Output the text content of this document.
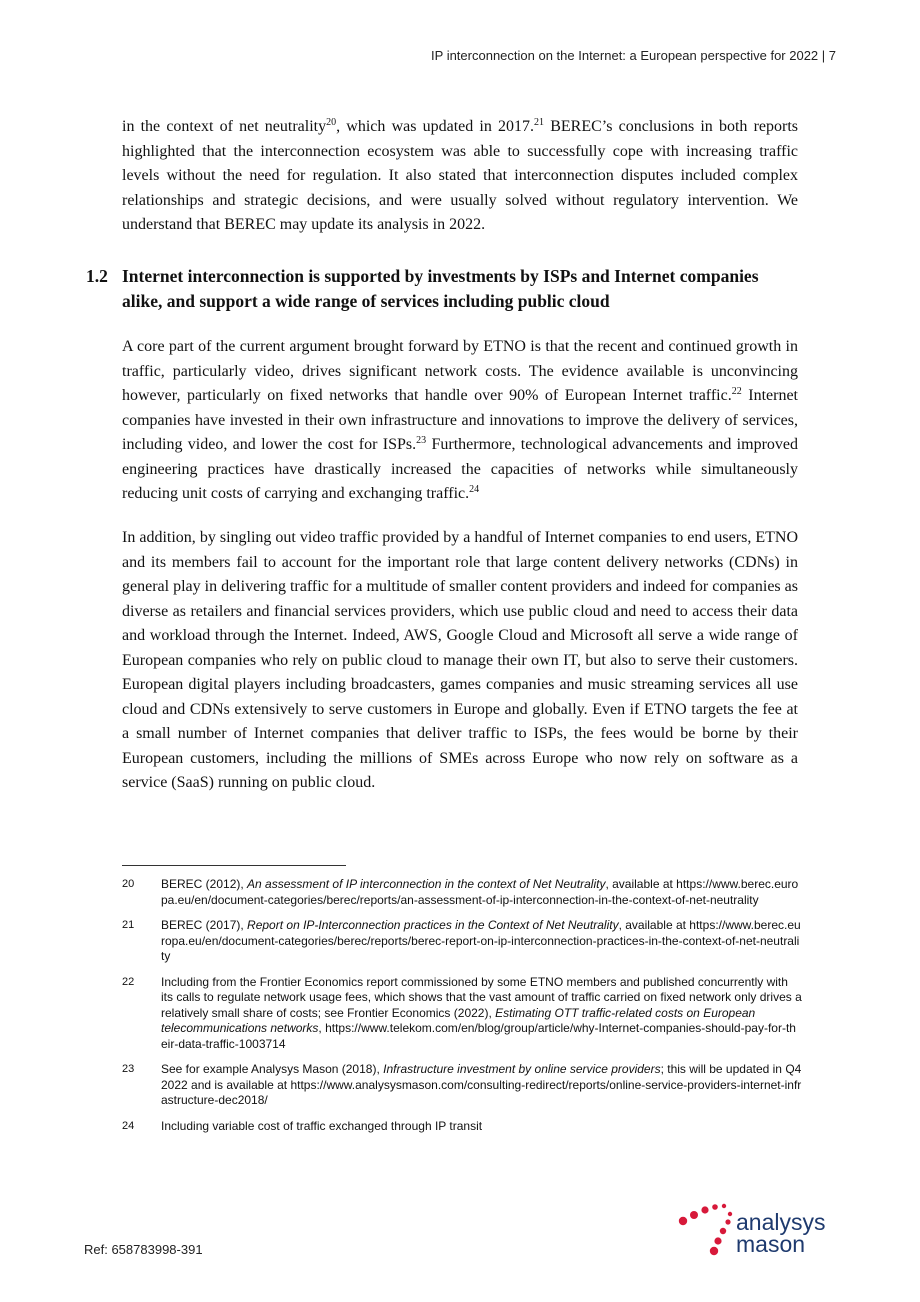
IP interconnection on the Internet: a European perspective for 2022 | 7

in the context of net neutrality$^{20}$, which was updated in 2017.21 BEREC’s conclusions in both reports highlighted that the interconnection ecosystem was able to successfully cope with increasing traffic levels without the need for regulation. It also stated that interconnection disputes included complex relationships and strategic decisions, and were usually solved without regulatory intervention. We understand that BEREC may update its analysis in 2022.

1.2 Internet interconnection is supported by investments by ISPs and Internet companies alike, and support a wide range of services including public cloud

A core part of the current argument brought forward by ETNO is that the recent and continued growth in traffic, particularly video, drives significant network costs. The evidence available is unconvincing however, particularly on fixed networks that handle over 90% of European Internet traffic.$^{22}$ Internet companies have invested in their own infrastructure and innovations to improve the delivery of services, including video, and lower the cost for ISPs.$^{23}$ Furthermore, technological advancements and improved engineering practices have drastically increased the capacities of networks while simultaneously reducing unit costs of carrying and exchanging traffic.$^{24}$

In addition, by singling out video traffic provided by a handful of Internet companies to end users, ETNO and its members fail to account for the important role that large content delivery networks (CDNs) in general play in delivering traffic for a multitude of smaller content providers and indeed for companies as diverse as retailers and financial services providers, which use public cloud and need to access their data and workload through the Internet. Indeed, AWS, Google Cloud and Microsoft all serve a wide range of European companies who rely on public cloud to manage their own IT, but also to serve their customers. European digital players including broadcasters, games companies and music streaming services all use cloud and CDNs extensively to serve customers in Europe and globally. Even if ETNO targets the fee at a small number of Internet companies that deliver traffic to ISPs, the fees would be borne by their European customers, including the millions of SMEs across Europe who now rely on software as a service (SaaS) running on public cloud.

20 BEREC (2012), An assessment of IP interconnection in the context of Net Neutrality, available at https://www.berec.europa.eu/en/document-categories/berec/reports/an-assessment-of-ip-interconnection-in-the-context-of-net-neutrality
21 BEREC (2017), Report on IP-Interconnection practices in the Context of Net Neutrality, available at https://www.berec.europa.eu/en/document-categories/berec/reports/berec-report-on-ip-interconnection-practices-in-the-context-of-net-neutrality
22 Including from the Frontier Economics report commissioned by some ETNO members and published concurrently with its calls to regulate network usage fees, which shows that the vast amount of traffic carried on fixed network only drives a relatively small share of costs; see Frontier Economics (2022), Estimating OTT traffic-related costs on European telecommunications networks, https://www.telekom.com/en/blog/group/article/why-Internet-companies-should-pay-for-their-data-traffic-1003714
23 See for example Analysys Mason (2018), Infrastructure investment by online service providers; this will be updated in Q4 2022 and is available at https://www.analysysmason.com/consulting-redirect/reports/online-service-providers-internet-infrastructure-dec2018/
24 Including variable cost of traffic exchanged through IP transit
Ref: 658783998-391
analysys
mason
